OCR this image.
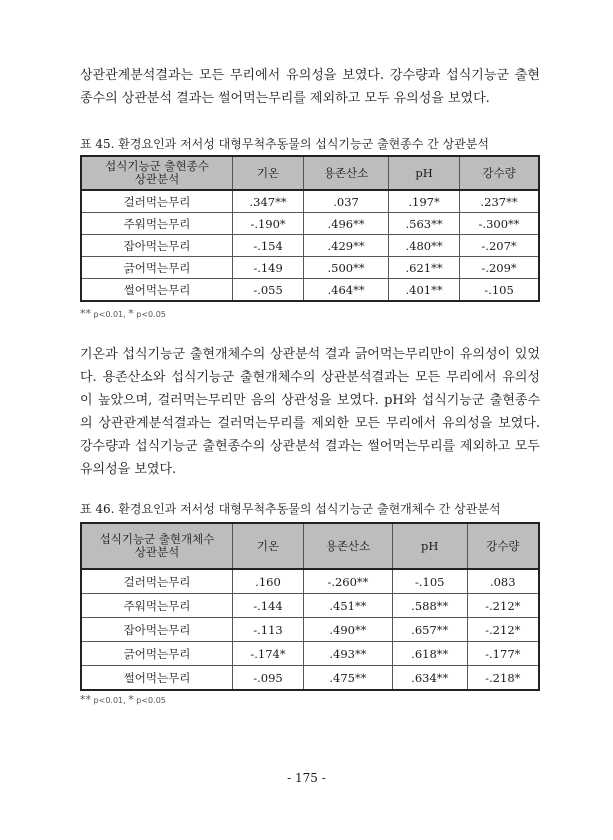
상관관계분석결과는 모든 무리에서 유의성을 보였다. 강수량과 섭식기능군 출현종수의 상관분석 결과는 썰어먹는무리를 제외하고 모두 유의성을 보였다.

표 45. 환경요인과 저서성 대형무척추동물의 섭식기능군 출현종수 간 상관분석

섭식기능군 출현종수
상관분석	기온	용존산소	pH	강수량
걸러먹는무리	.347**	.037	.197*	.237**
주워먹는무리	-.190*	.496**	.563**	-.300**
잡아먹는무리	-.154	.429**	.480**	-.207*
긁어먹는무리	-.149	.500**	.621**	-.209*
썰어먹는무리	-.055	.464**	.401**	-.105

** p<0.01, * p<0.05

기온과 섭식기능군 출현개체수의 상관분석 결과 긁어먹는무리만이 유의성이 있었다. 용존산소와 섭식기능군 출현개체수의 상관분석결과는 모든 무리에서 유의성이 높았으며, 걸러먹는무리만 음의 상관성을 보였다. pH와 섭식기능군 출현종수의 상관관계분석결과는 걸러먹는무리를 제외한 모든 무리에서 유의성을 보였다. 강수량과 섭식기능군 출현종수의 상관분석 결과는 썰어먹는무리를 제외하고 모두 유의성을 보였다.

표 46. 환경요인과 저서성 대형무척추동물의 섭식기능군 출현개체수 간 상관분석

섭식기능군 출현개체수
상관분석	기온	용존산소	pH	강수량
걸러먹는무리	.160	-.260**	-.105	.083
주워먹는무리	-.144	.451**	.588**	-.212*
잡아먹는무리	-.113	.490**	.657**	-.212*
긁어먹는무리	-.174*	.493**	.618**	-.177*
썰어먹는무리	-.095	.475**	.634**	-.218*

** p<0.01, * p<0.05

- 175 -
